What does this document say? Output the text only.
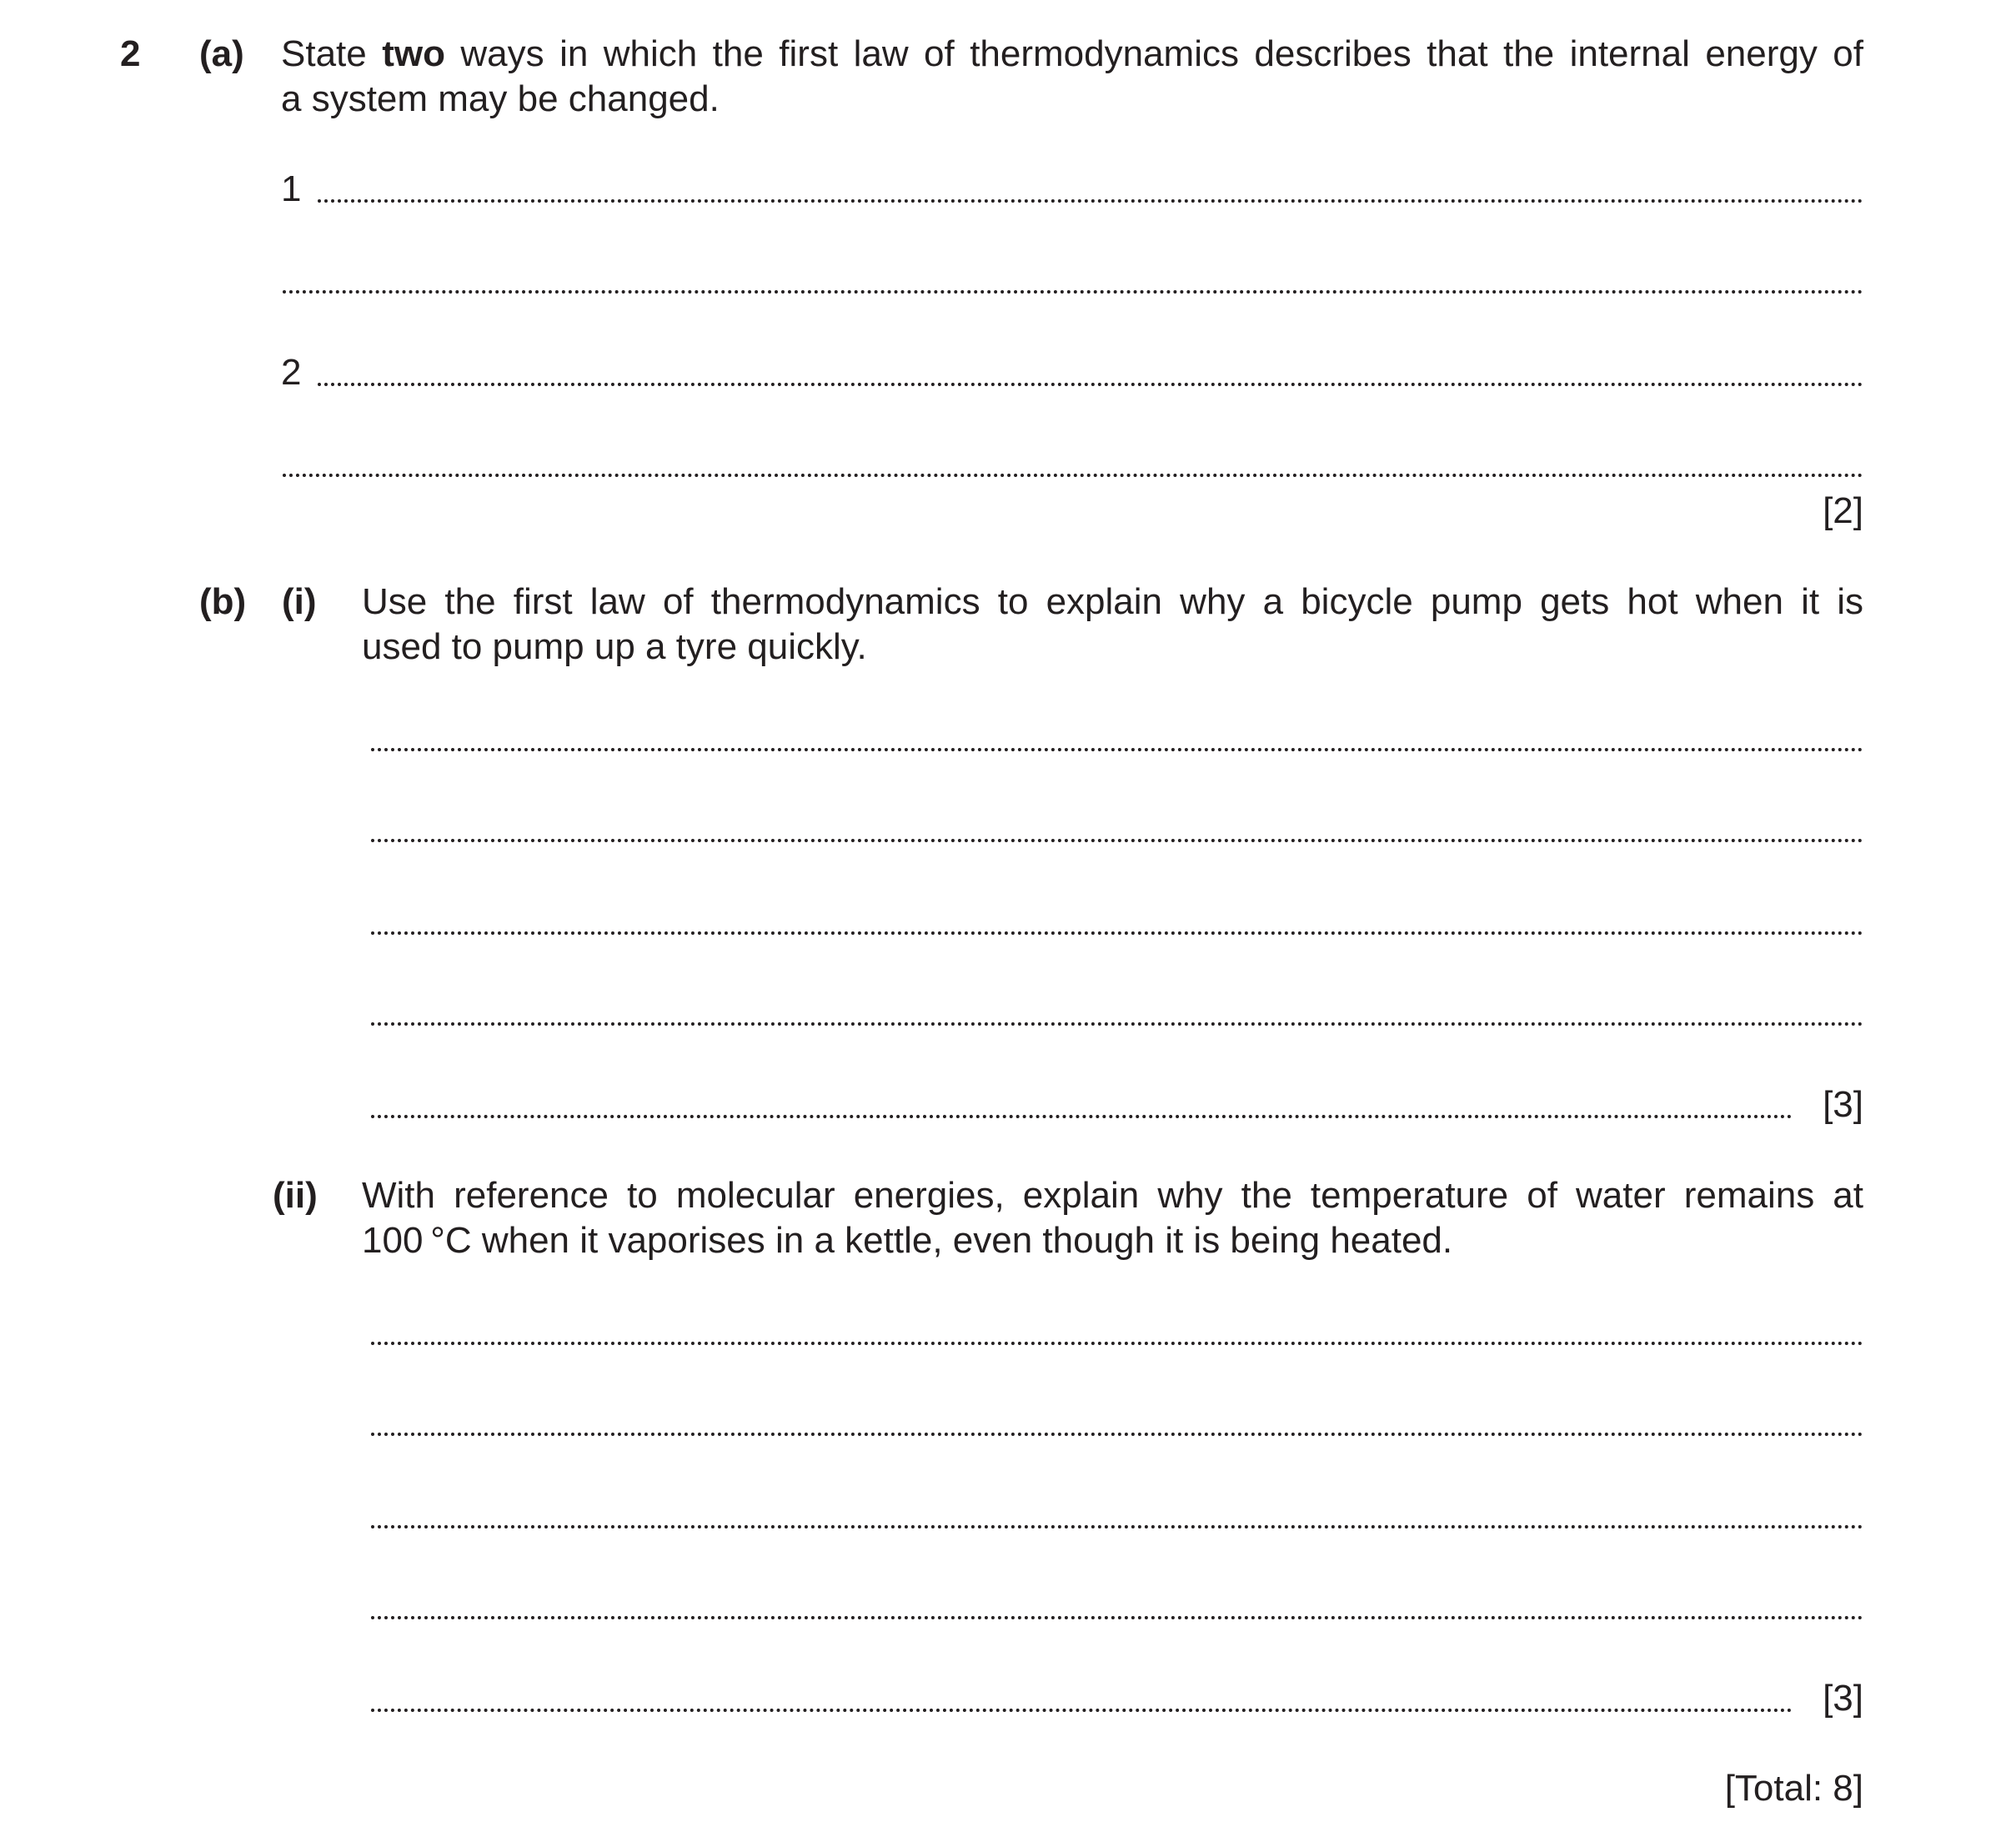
2 (a) State two ways in which the first law of thermodynamics describes that the internal energy of
a system may be changed.
1
2
[2]
(b) (i) Use the first law of thermodynamics to explain why a bicycle pump gets hot when it is
used to pump up a tyre quickly.
[3]
(ii) With reference to molecular energies, explain why the temperature of water remains at
100 °C when it vaporises in a kettle, even though it is being heated.
[3]
[Total: 8]
